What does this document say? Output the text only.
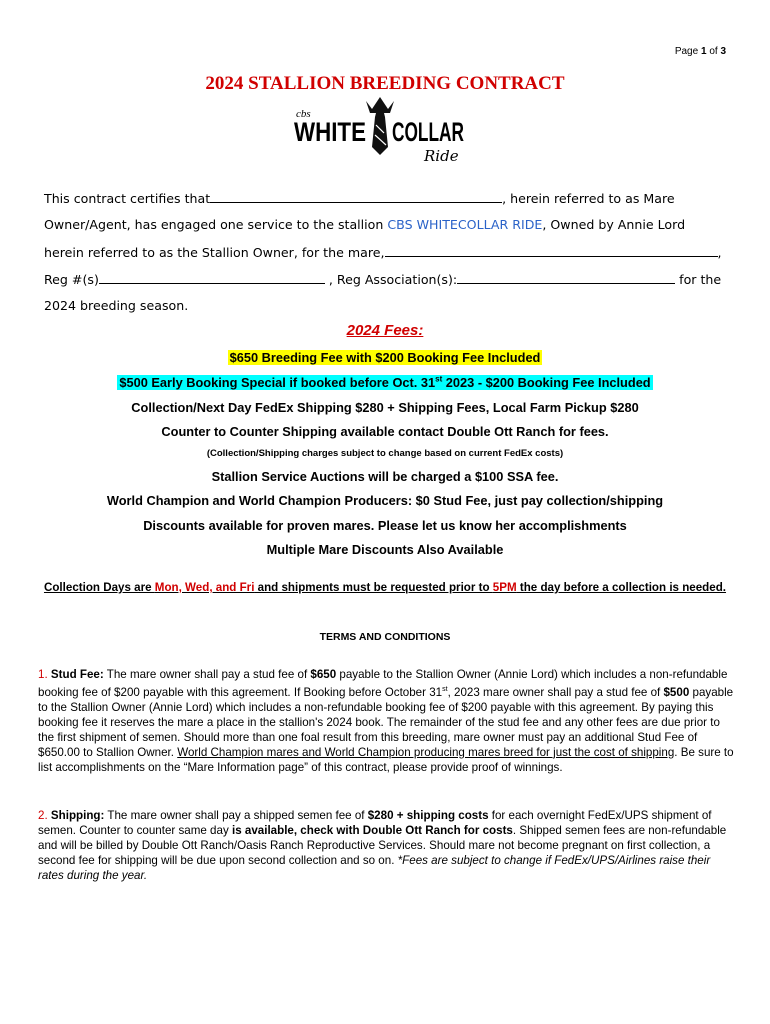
Page 1 of 3
2024 STALLION BREEDING CONTRACT
cbs
WHITE COLLAR
Ride
This contract certifies that	, herein referred to as Mare
Owner/Agent, has engaged one service to the stallion CBS WHITECOLLAR RIDE, Owned by Annie Lord
herein referred to as the Stallion Owner, for the mare,	,
Reg #(s)	, Reg Association(s):	for the
2024 breeding season.
2024 Fees:
$650 Breeding Fee with $200 Booking Fee Included
$500 Early Booking Special if booked before Oct. 31st 2023 - $200 Booking Fee Included
Collection/Next Day FedEx Shipping $280 + Shipping Fees, Local Farm Pickup $280
Counter to Counter Shipping available contact Double Ott Ranch for fees.
(Collection/Shipping charges subject to change based on current FedEx costs)
Stallion Service Auctions will be charged a $100 SSA fee.
World Champion and World Champion Producers: $0 Stud Fee, just pay collection/shipping
Discounts available for proven mares. Please let us know her accomplishments
Multiple Mare Discounts Also Available
Collection Days are Mon, Wed, and Fri and shipments must be requested prior to 5PM the day before a collection is needed.
TERMS AND CONDITIONS
1. Stud Fee: The mare owner shall pay a stud fee of $650 payable to the Stallion Owner (Annie Lord) which includes a non-refundable booking fee of $200 payable with this agreement. If Booking before October 31st, 2023 mare owner shall pay a stud fee of $500 payable to the Stallion Owner (Annie Lord) which includes a non-refundable booking fee of $200 payable with this agreement. By paying this booking fee it reserves the mare a place in the stallion's 2024 book. The remainder of the stud fee and any other fees are due prior to the first shipment of semen. Should more than one foal result from this breeding, mare owner must pay an additional Stud Fee of $650.00 to Stallion Owner. World Champion mares and World Champion producing mares breed for just the cost of shipping. Be sure to list accomplishments on the “Mare Information page” of this contract, please provide proof of winnings.
2. Shipping: The mare owner shall pay a shipped semen fee of $280 + shipping costs for each overnight FedEx/UPS shipment of semen. Counter to counter same day is available, check with Double Ott Ranch for costs. Shipped semen fees are non-refundable and will be billed by Double Ott Ranch/Oasis Ranch Reproductive Services. Should mare not become pregnant on first collection, a second fee for shipping will be due upon second collection and so on. *Fees are subject to change if FedEx/UPS/Airlines raise their rates during the year.
